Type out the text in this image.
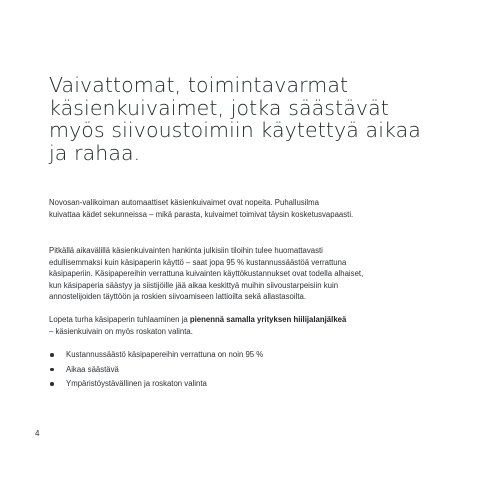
Vaivattomat, toimintavarmat
käsienkuivaimet, jotka säästävät
myös siivoustoimiin käytettyä aikaa
ja rahaa.

Novosan-valikoiman automaattiset käsienkuivaimet ovat nopeita. Puhallusilma
kuivattaa kädet sekunneissa – mikä parasta, kuivaimet toimivat täysin kosketusvapaasti.

Pitkällä aikavälillä käsienkuivainten hankinta julkisiin tiloihin tulee huomattavasti
edullisemmaksi kuin käsipaperin käyttö – saat jopa 95 % kustannussäästöä verrattuna
käsipaperiin. Käsipapereihin verrattuna kuivainten käyttökustannukset ovat todella alhaiset,
kun käsipaperia säästyy ja siistijöille jää aikaa keskittyä muihin siivoustarpeisiin kuin
annostelijoiden täyttöön ja roskien siivoamiseen lattioilta sekä allastasoilta.

Lopeta turha käsipaperin tuhlaaminen ja pienennä samalla yrityksen hiilijalanjälkeä
– käsienkuivain on myös roskaton valinta.

Kustannussäästö käsipapereihin verrattuna on noin 95 %
Aikaa säästävä
Ympäristöystävällinen ja roskaton valinta
4
